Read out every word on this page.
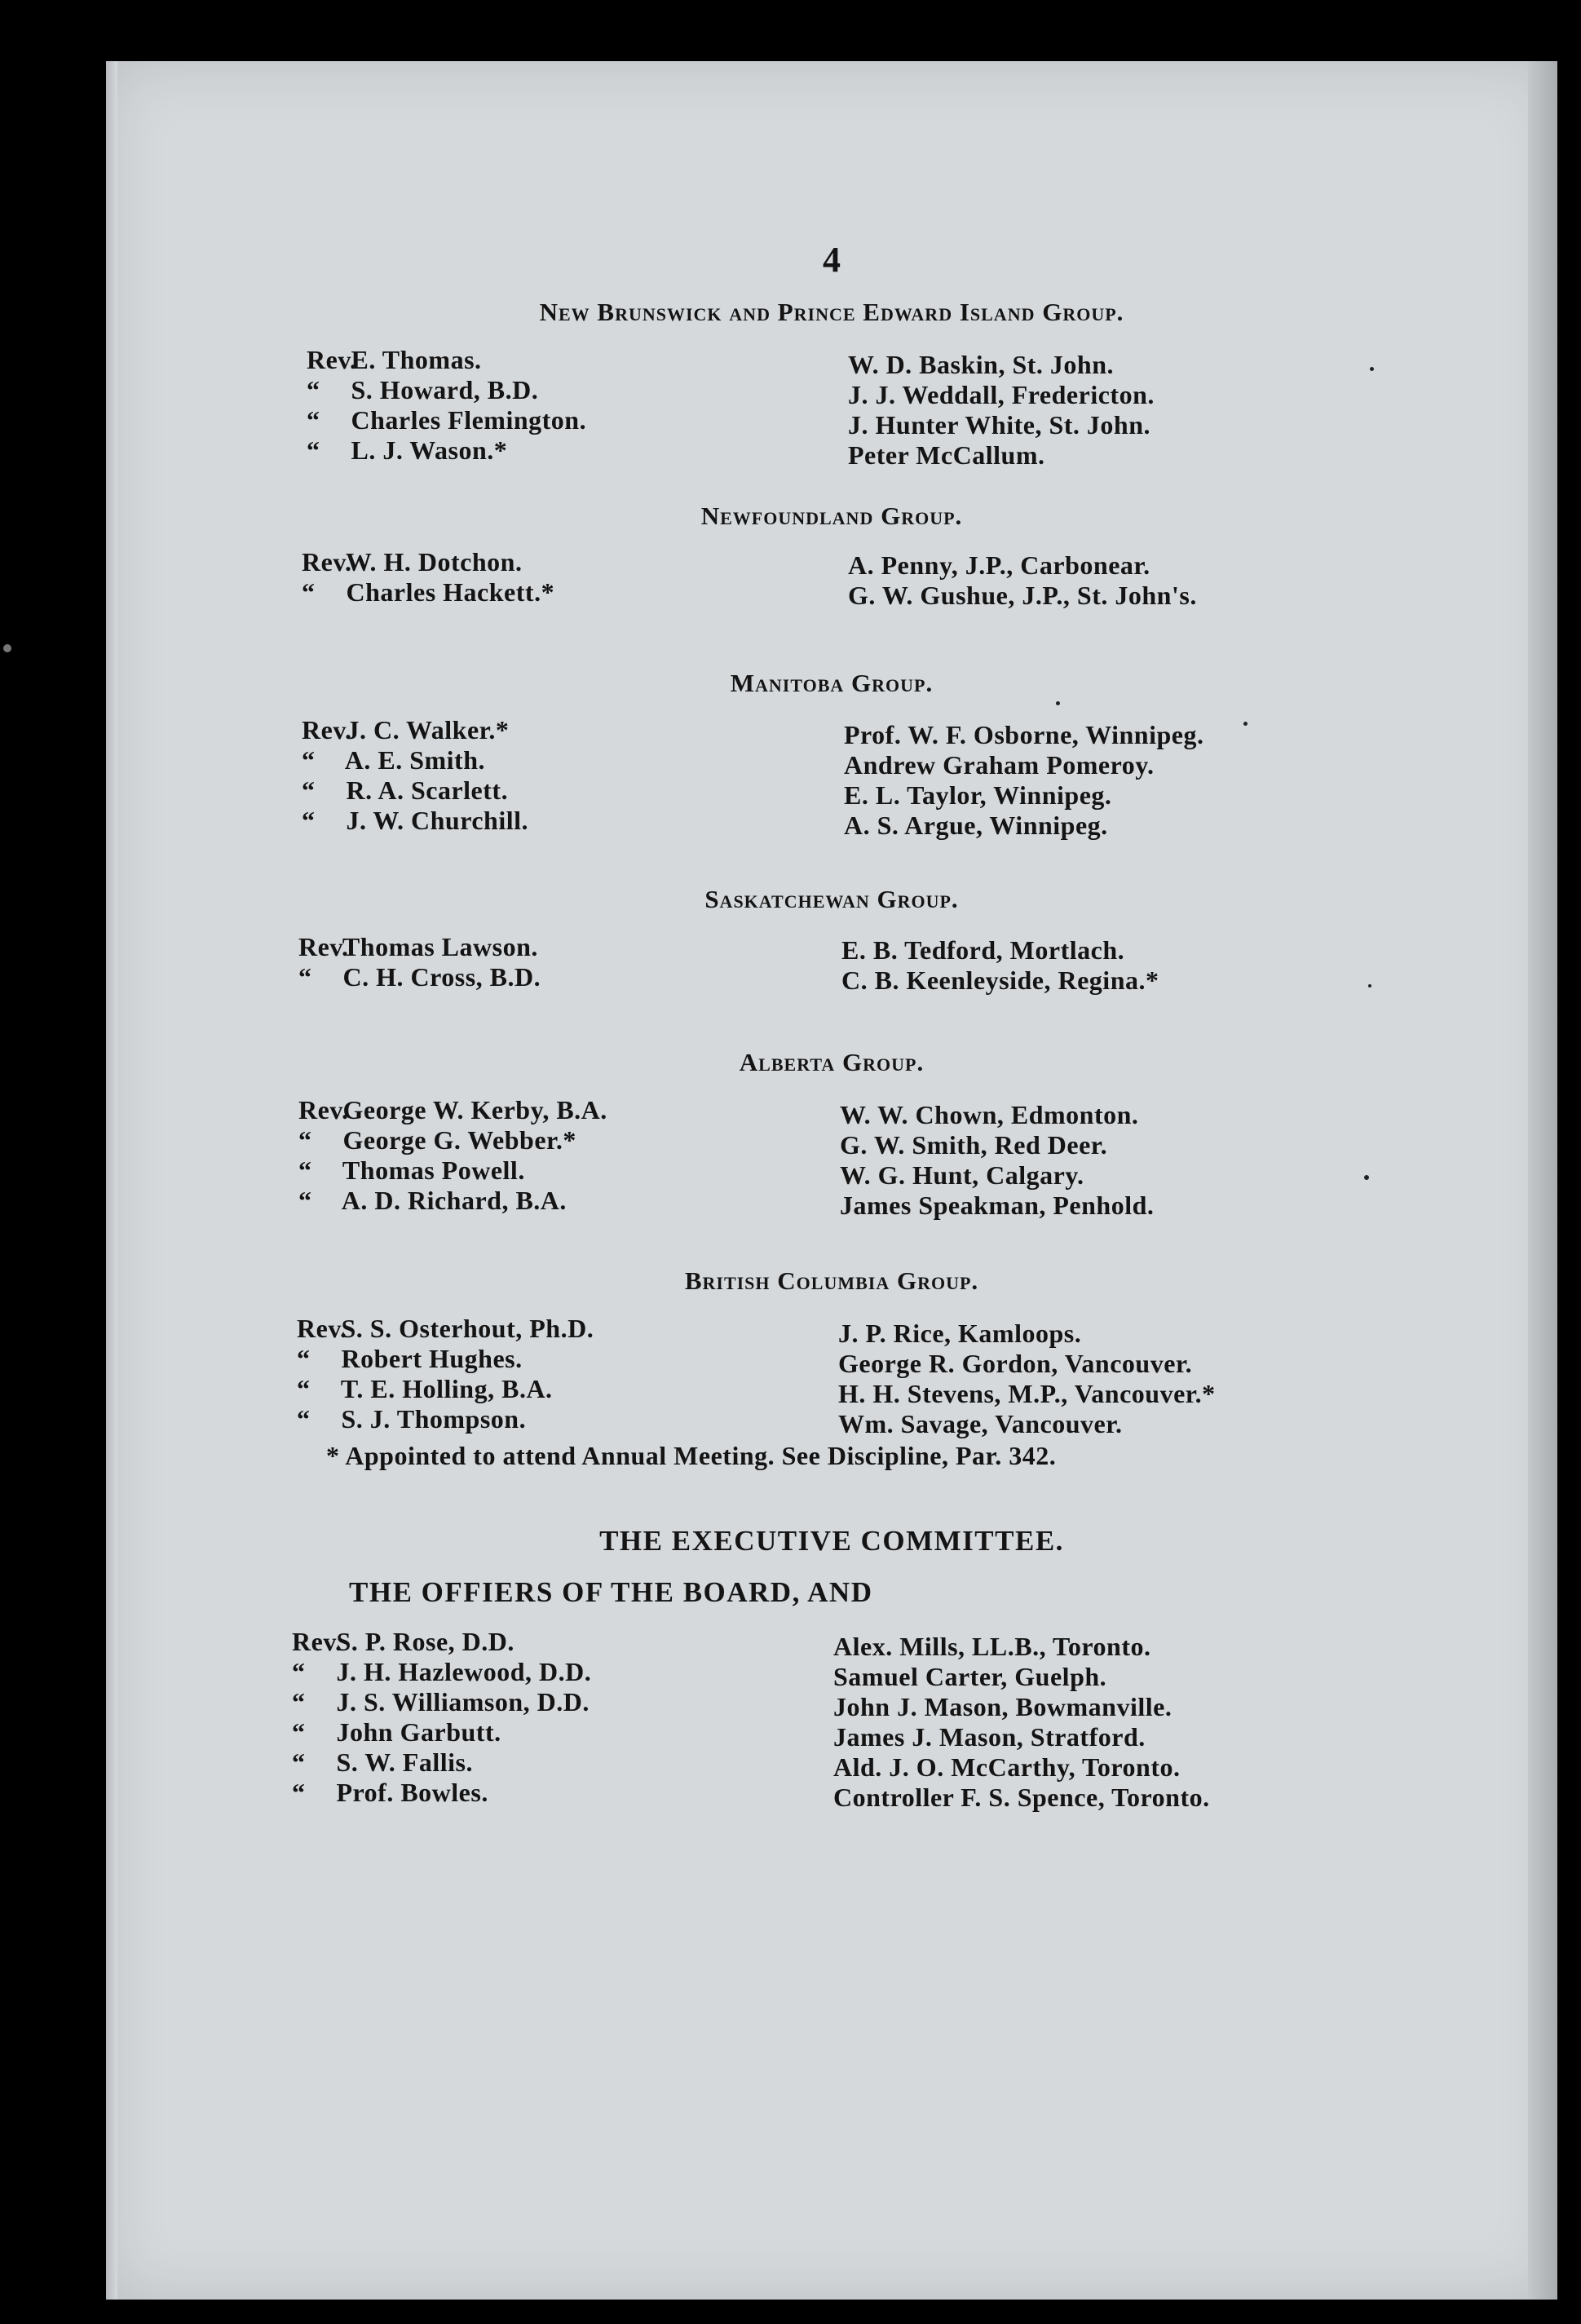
4
New Brunswick and Prince Edward Island Group.
Rev. E. Thomas.
“ S. Howard, B.D.
“ Charles Flemington.
“ L. J. Wason.*
W. D. Baskin, St. John.
J. J. Weddall, Fredericton.
J. Hunter White, St. John.
Peter McCallum.
Newfoundland Group.
Rev. W. H. Dotchon.
“ Charles Hackett.*
A. Penny, J.P., Carbonear.
G. W. Gushue, J.P., St. John's.
Manitoba Group.
Rev. J. C. Walker.*
“ A. E. Smith.
“ R. A. Scarlett.
“ J. W. Churchill.
Prof. W. F. Osborne, Winnipeg.
Andrew Graham Pomeroy.
E. L. Taylor, Winnipeg.
A. S. Argue, Winnipeg.
Saskatchewan Group.
Rev. Thomas Lawson.
“ C. H. Cross, B.D.
E. B. Tedford, Mortlach.
C. B. Keenleyside, Regina.*
Alberta Group.
Rev. George W. Kerby, B.A.
“ George G. Webber.*
“ Thomas Powell.
“ A. D. Richard, B.A.
W. W. Chown, Edmonton.
G. W. Smith, Red Deer.
W. G. Hunt, Calgary.
James Speakman, Penhold.
British Columbia Group.
Rev. S. S. Osterhout, Ph.D.
“ Robert Hughes.
“ T. E. Holling, B.A.
“ S. J. Thompson.
J. P. Rice, Kamloops.
George R. Gordon, Vancouver.
H. H. Stevens, M.P., Vancouver.*
Wm. Savage, Vancouver.
* Appointed to attend Annual Meeting. See Discipline, Par. 342.
THE EXECUTIVE COMMITTEE.
THE OFFIERS OF THE BOARD, AND
Rev. S. P. Rose, D.D.
“ J. H. Hazlewood, D.D.
“ J. S. Williamson, D.D.
“ John Garbutt.
“ S. W. Fallis.
“ Prof. Bowles.
Alex. Mills, LL.B., Toronto.
Samuel Carter, Guelph.
John J. Mason, Bowmanville.
James J. Mason, Stratford.
Ald. J. O. McCarthy, Toronto.
Controller F. S. Spence, Toronto.
